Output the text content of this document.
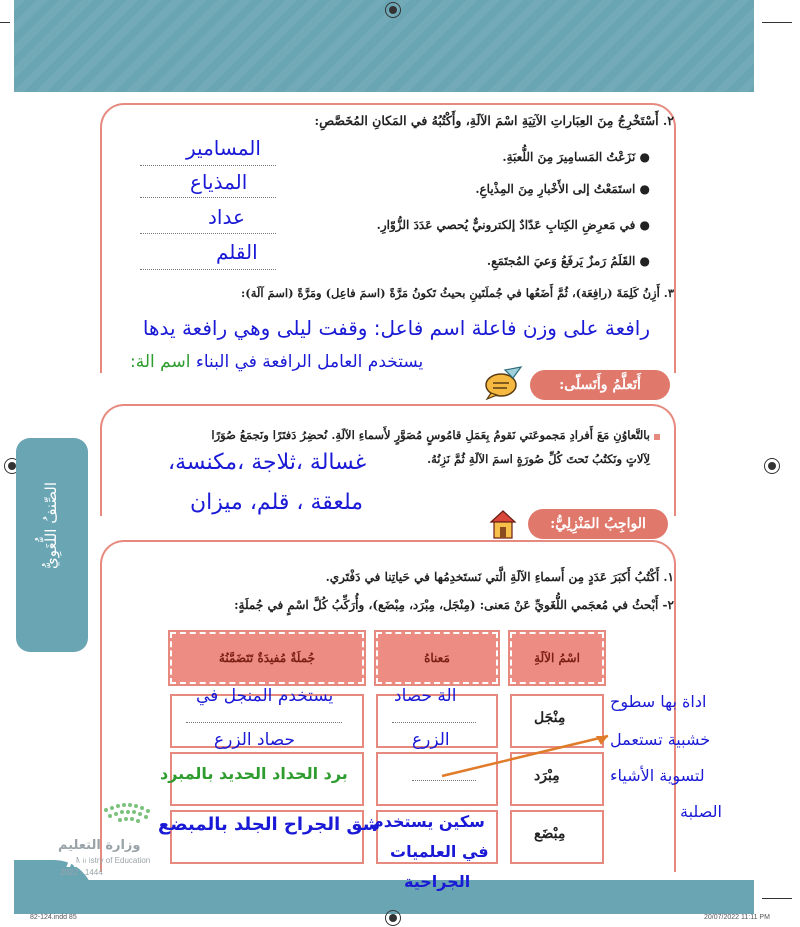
الصِّنفُ اللُّغَوِيُّ
٢. أَسْتَخْرِجُ مِنَ العِبَاراتِ الآتِيَةِ اسْمَ الآلَةِ، وأَكْتُبُهُ في المَكانِ المُخَصَّصِ:
● نَزَعْتُ المَسامِيرَ مِنَ اللُّعبَةِ.
المسامير
● استَمَعْتُ إلى الأَخْبارِ مِنَ المِذْياعِ.
المذياع
● في مَعرِضِ الكِتابِ عَدّادٌ إلكترونيٌّ يُحصي عَدَدَ الزُّوّارِ.
عداد
● القَلَمُ رَمزٌ يَرفَعُ وَعيَ المُجتَمَعِ.
القلم
٣. أَزِنُ كَلِمَةَ (رافِعَة)، ثُمَّ أَضَعُها في جُملَتَينِ بحيثُ تَكونُ مَرَّةً (اسمَ فاعِل) ومَرَّةً (اسمَ آلَة):
رافعة على وزن فاعلة اسم فاعل: وقفت ليلى وهي رافعة يدها
يستخدم العامل الرافعة في البناء اسم الة:
أَتَعلَّمُ وأَتَسلّى:
بالتَّعاوُنِ مَعَ أَفرادِ مَجموعَتي نَقومُ بِعَمَلِ قامُوسٍ مُصَوَّرٍ لأَسماءِ الآلَةِ. نُحضِرُ دَفتَرًا ونَجمَعُ صُوَرًا
لِآلاتٍ ونَكتُبُ تَحتَ كُلِّ صُورَةٍ اسمَ الآلَةِ ثُمَّ نَزِنُهُ.
غسالة ،ثلاجة ،مكنسة،
ملعقة ، قلم، ميزان
الواجِبُ المَنْزِلِيُّ:
١. أَكْتُبُ أَكبَرَ عَدَدٍ مِن أَسماءِ الآلَةِ الَّتي نَستَخدِمُها في حَياتِنا في دَفْتَري.
٢- أَبْحثُ في مُعجَمي اللُّغَويِّ عَنْ مَعنى: (مِنْجَل، مِبْرَد، مِبْضَع)، وأُرَكِّبُ كُلَّ اسْمٍ في جُملَةٍ:
اسْمُ الآلَةِ
مَعناهُ
جُملَةٌ مُفيدَةٌ تَتَضَمَّنُهُ
مِنْجَل
الة حصاد
الزرع
يستخدم المنجل في
حصاد الزرع
مِبْرَد
برد الحداد الحديد بالمبرد
مِبْضَع
سكين يستخدم
في العلميات
الجراحية
شق الجراح الجلد بالمبضع
اداة بها سطوح
خشبية تستعمل
لتسوية الأشياء
الصلبة
وزارة التعليم
Ministry of Education
2022 - 1444
٨٥
82-124.indd 85	20/07/2022 11:11 PM
